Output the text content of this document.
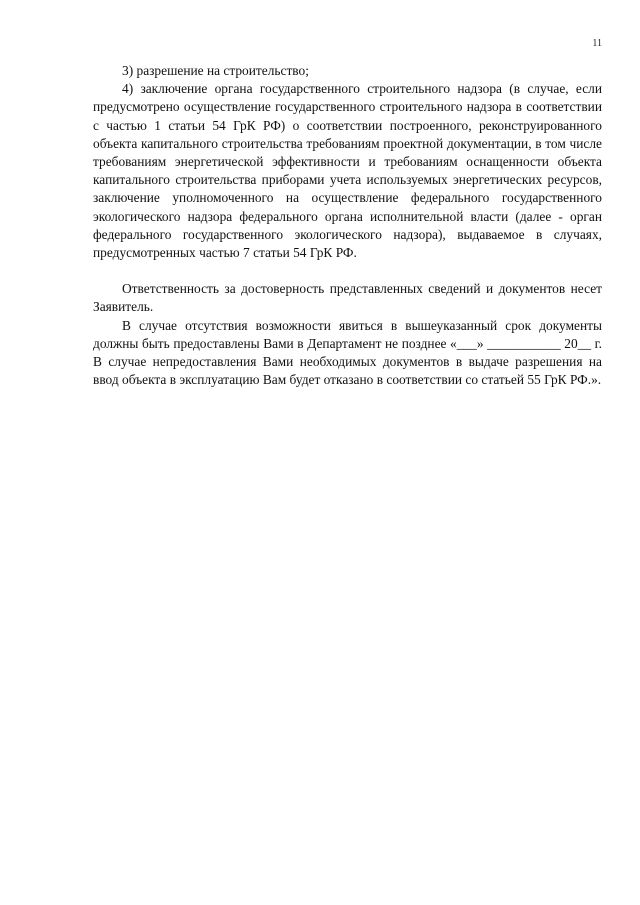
11

3) разрешение на строительство;

4) заключение органа государственного строительного надзора (в случае, если предусмотрено осуществление государственного строительного надзора в соответствии с частью 1 статьи 54 ГрК РФ) о соответствии построенного, реконструированного объекта капитального строительства требованиям проектной документации, в том числе требованиям энергетической эффективности и требованиям оснащенности объекта капитального строительства приборами учета используемых энергетических ресурсов, заключение уполномоченного на осуществление федерального государственного экологического надзора федерального органа исполнительной власти (далее - орган федерального государственного экологического надзора), выдаваемое в случаях, предусмотренных частью 7 статьи 54 ГрК РФ.

Ответственность за достоверность представленных сведений и документов несет Заявитель.

В случае отсутствия возможности явиться в вышеуказанный срок документы должны быть предоставлены Вами в Департамент не позднее «___» ___________ 20__ г. В случае непредоставления Вами необходимых документов в выдаче разрешения на ввод объекта в эксплуатацию Вам будет отказано в соответствии со статьей 55 ГрК РФ.».
